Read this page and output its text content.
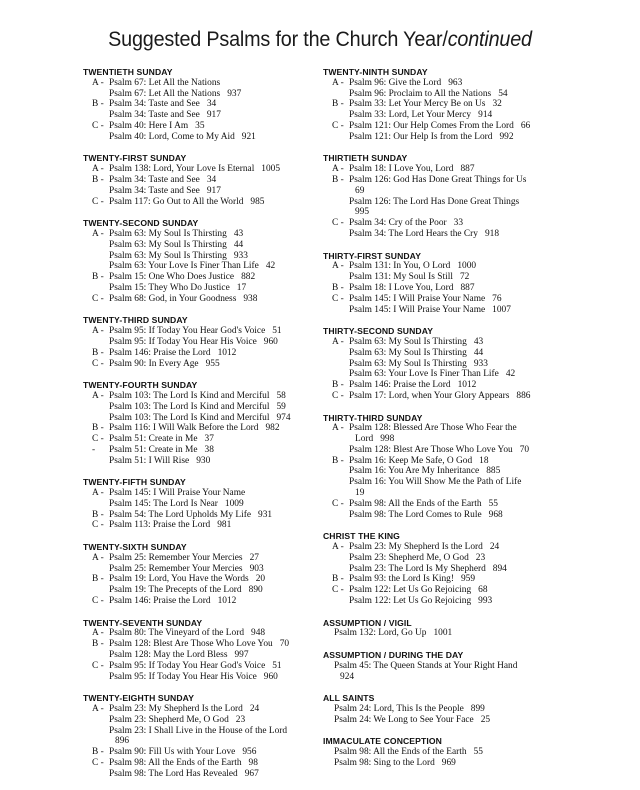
Suggested Psalms for the Church Year/continued
TWENTIETH SUNDAY
A - Psalm 67: Let All the Nations
Psalm 67: Let All the Nations 937
B - Psalm 34: Taste and See 34
Psalm 34: Taste and See 917
C - Psalm 40: Here I Am 35
Psalm 40: Lord, Come to My Aid 921
TWENTY-FIRST SUNDAY
A - Psalm 138: Lord, Your Love Is Eternal 1005
B - Psalm 34: Taste and See 34
Psalm 34: Taste and See 917
C - Psalm 117: Go Out to All the World 985
TWENTY-SECOND SUNDAY
A - Psalm 63: My Soul Is Thirsting 43
Psalm 63: My Soul Is Thirsting 44
Psalm 63: My Soul Is Thirsting 933
Psalm 63: Your Love Is Finer Than Life 42
B - Psalm 15: One Who Does Justice 882
Psalm 15: They Who Do Justice 17
C - Psalm 68: God, in Your Goodness 938
TWENTY-THIRD SUNDAY
A - Psalm 95: If Today You Hear God's Voice 51
Psalm 95: If Today You Hear His Voice 960
B - Psalm 146: Praise the Lord 1012
C - Psalm 90: In Every Age 955
TWENTY-FOURTH SUNDAY
A - Psalm 103: The Lord Is Kind and Merciful 58
Psalm 103: The Lord Is Kind and Merciful 59
Psalm 103: The Lord Is Kind and Merciful 974
B - Psalm 116: I Will Walk Before the Lord 982
C - Psalm 51: Create in Me 37
- Psalm 51: Create in Me 38
Psalm 51: I Will Rise 930
TWENTY-FIFTH SUNDAY
A - Psalm 145: I Will Praise Your Name
Psalm 145: The Lord Is Near 1009
B - Psalm 54: The Lord Upholds My Life 931
C - Psalm 113: Praise the Lord 981
TWENTY-SIXTH SUNDAY
A - Psalm 25: Remember Your Mercies 27
Psalm 25: Remember Your Mercies 903
B - Psalm 19: Lord, You Have the Words 20
Psalm 19: The Precepts of the Lord 890
C - Psalm 146: Praise the Lord 1012
TWENTY-SEVENTH SUNDAY
A - Psalm 80: The Vineyard of the Lord 948
B - Psalm 128: Blest Are Those Who Love You 70
Psalm 128: May the Lord Bless 997
C - Psalm 95: If Today You Hear God's Voice 51
Psalm 95: If Today You Hear His Voice 960
TWENTY-EIGHTH SUNDAY
A - Psalm 23: My Shepherd Is the Lord 24
Psalm 23: Shepherd Me, O God 23
Psalm 23: I Shall Live in the House of the Lord
896
B - Psalm 90: Fill Us with Your Love 956
C - Psalm 98: All the Ends of the Earth 98
Psalm 98: The Lord Has Revealed 967
TWENTY-NINTH SUNDAY
A - Psalm 96: Give the Lord 963
Psalm 96: Proclaim to All the Nations 54
B - Psalm 33: Let Your Mercy Be on Us 32
Psalm 33: Lord, Let Your Mercy 914
C - Psalm 121: Our Help Comes From the Lord 66
Psalm 121: Our Help Is from the Lord 992
THIRTIETH SUNDAY
A - Psalm 18: I Love You, Lord 887
B - Psalm 126: God Has Done Great Things for Us
69
Psalm 126: The Lord Has Done Great Things
995
C - Psalm 34: Cry of the Poor 33
Psalm 34: The Lord Hears the Cry 918
THIRTY-FIRST SUNDAY
A - Psalm 131: In You, O Lord 1000
Psalm 131: My Soul Is Still 72
B - Psalm 18: I Love You, Lord 887
C - Psalm 145: I Will Praise Your Name 76
Psalm 145: I Will Praise Your Name 1007
THIRTY-SECOND SUNDAY
A - Psalm 63: My Soul Is Thirsting 43
Psalm 63: My Soul Is Thirsting 44
Psalm 63: My Soul Is Thirsting 933
Psalm 63: Your Love Is Finer Than Life 42
B - Psalm 146: Praise the Lord 1012
C - Psalm 17: Lord, when Your Glory Appears 886
THIRTY-THIRD SUNDAY
A - Psalm 128: Blessed Are Those Who Fear the
Lord 998
Psalm 128: Blest Are Those Who Love You 70
B - Psalm 16: Keep Me Safe, O God 18
Psalm 16: You Are My Inheritance 885
Psalm 16: You Will Show Me the Path of Life
19
C - Psalm 98: All the Ends of the Earth 55
Psalm 98: The Lord Comes to Rule 968
CHRIST THE KING
A - Psalm 23: My Shepherd Is the Lord 24
Psalm 23: Shepherd Me, O God 23
Psalm 23: The Lord Is My Shepherd 894
B - Psalm 93: the Lord Is King! 959
C - Psalm 122: Let Us Go Rejoicing 68
Psalm 122: Let Us Go Rejoicing 993
ASSUMPTION / VIGIL
Psalm 132: Lord, Go Up 1001
ASSUMPTION / DURING THE DAY
Psalm 45: The Queen Stands at Your Right Hand
924
ALL SAINTS
Psalm 24: Lord, This Is the People 899
Psalm 24: We Long to See Your Face 25
IMMACULATE CONCEPTION
Psalm 98: All the Ends of the Earth 55
Psalm 98: Sing to the Lord 969
